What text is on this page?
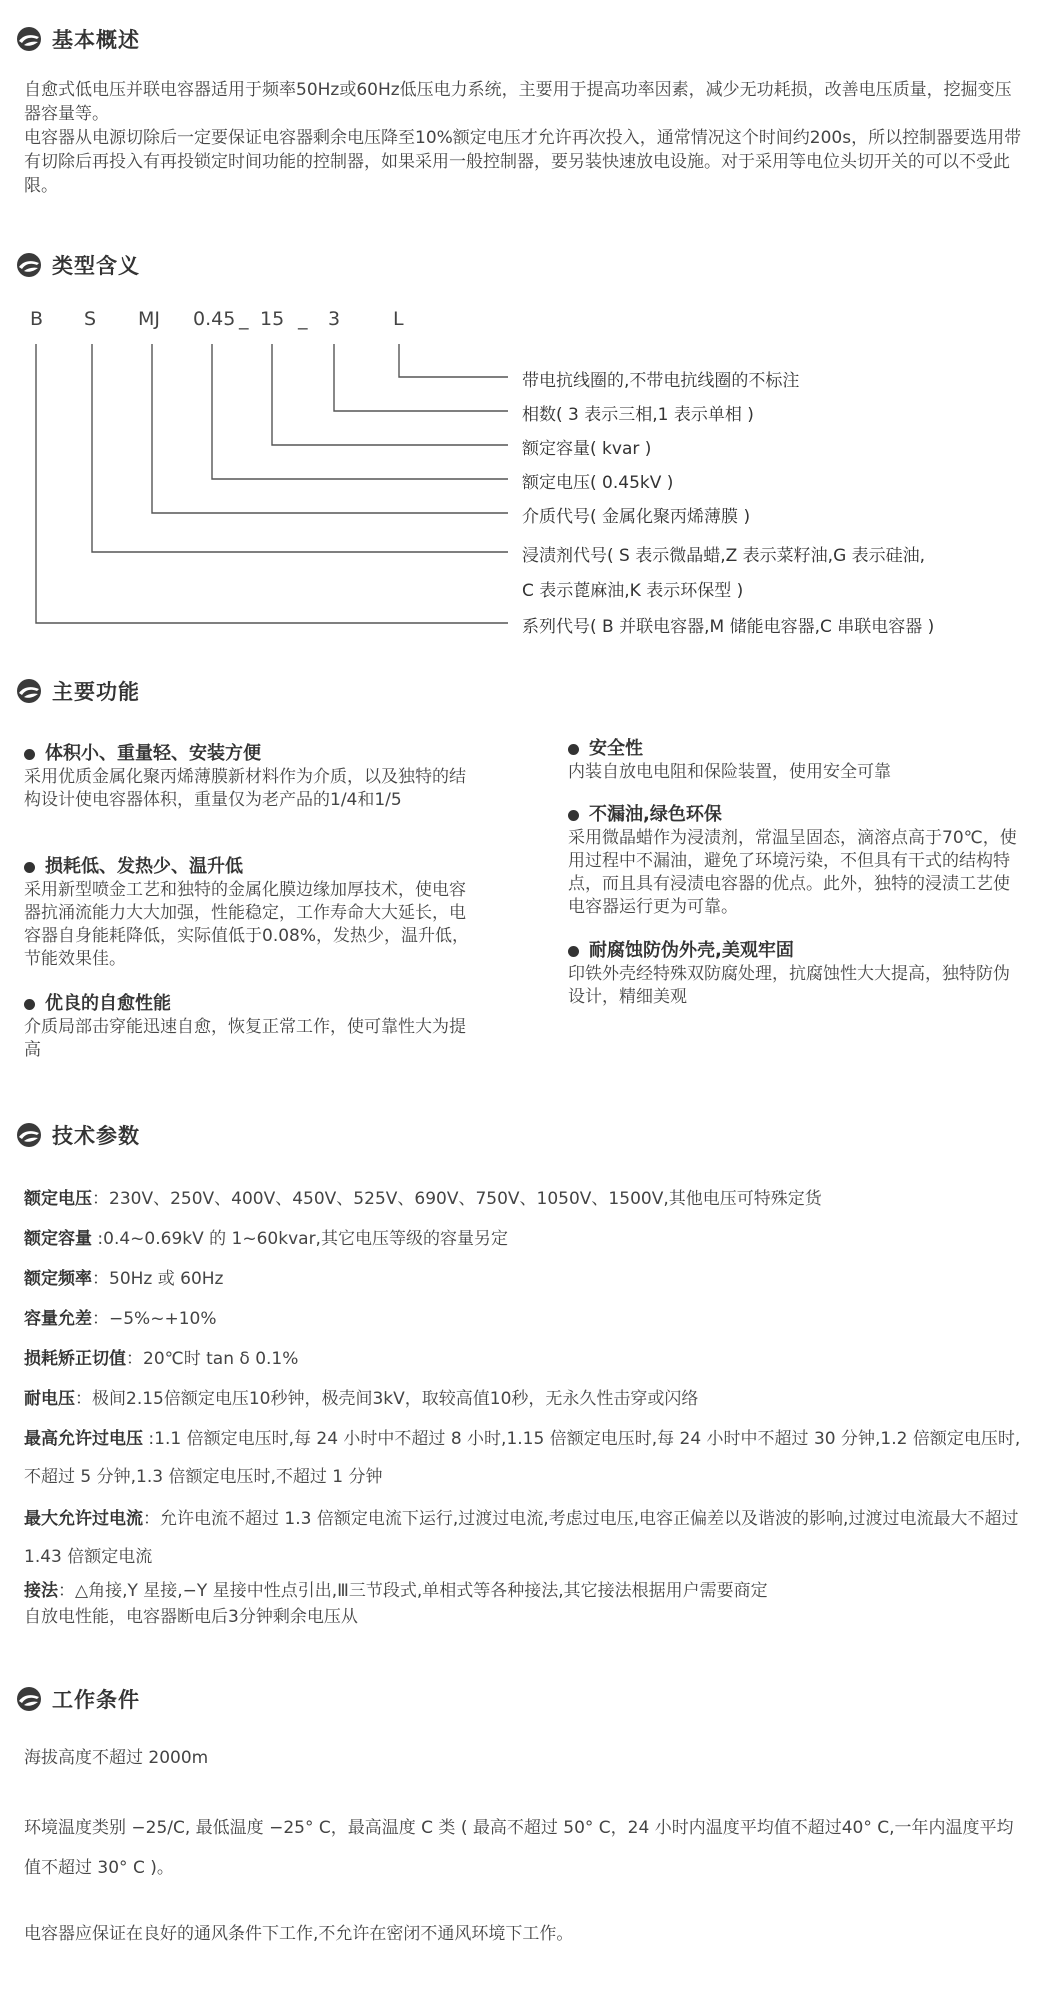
基本概述
自愈式低电压并联电容器适用于频率50Hz或60Hz低压电力系统，主要用于提高功率因素，减少无功耗损，改善电压质量，挖掘变压器容量等。
电容器从电源切除后一定要保证电容器剩余电压降至10%额定电压才允许再次投入，通常情况这个时间约200s，所以控制器要选用带有切除后再投入有再投锁定时间功能的控制器，如果采用一般控制器，要另装快速放电设施。对于采用等电位头切开关的可以不受此限。
类型含义
B S MJ 0.45 _ 15 _ 3	L
带电抗线圈的,不带电抗线圈的不标注
相数( 3 表示三相,1 表示单相 )
额定容量( kvar )
额定电压( 0.45kV )
介质代号( 金属化聚丙烯薄膜 )
浸渍剂代号( S 表示微晶蜡,Z 表示菜籽油,G 表示硅油,
C 表示蓖麻油,K 表示环保型 )
系列代号( B 并联电容器,M 储能电容器,C 串联电容器 )
主要功能
体积小、重量轻、安装方便
采用优质金属化聚丙烯薄膜新材料作为介质，以及独特的结构设计使电容器体积，重量仅为老产品的1/4和1/5
损耗低、发热少、温升低
采用新型喷金工艺和独特的金属化膜边缘加厚技术，使电容器抗涌流能力大大加强，性能稳定，工作寿命大大延长，电容器自身能耗降低，实际值低于0.08%，发热少，温升低，节能效果佳。
优良的自愈性能
介质局部击穿能迅速自愈，恢复正常工作，使可靠性大为提高
安全性
内装自放电电阻和保险装置，使用安全可靠
不漏油,绿色环保
采用微晶蜡作为浸渍剂，常温呈固态，滴溶点高于70℃，使用过程中不漏油，避免了环境污染，不但具有干式的结构特点，而且具有浸渍电容器的优点。此外，独特的浸渍工艺使电容器运行更为可靠。
耐腐蚀防伪外壳,美观牢固
印铁外壳经特殊双防腐处理，抗腐蚀性大大提高，独特防伪设计，精细美观
技术参数
额定电压：230V、250V、400V、450V、525V、690V、750V、1050V、1500V,其他电压可特殊定货
额定容量 :0.4~0.69kV 的 1~60kvar,其它电压等级的容量另定
额定频率：50Hz 或 60Hz
容量允差：−5%~+10%
损耗矫正切值：20℃时 tan δ 0.1%
耐电压：极间2.15倍额定电压10秒钟，极壳间3kV，取较高值10秒，无永久性击穿或闪络
最高允许过电压 :1.1 倍额定电压时,每 24 小时中不超过 8 小时,1.15 倍额定电压时,每 24 小时中不超过 30 分钟,1.2 倍额定电压时,不超过 5 分钟,1.3 倍额定电压时,不超过 1 分钟
最大允许过电流：允许电流不超过 1.3 倍额定电流下运行,过渡过电流,考虑过电压,电容正偏差以及谐波的影响,过渡过电流最大不超过 1.43 倍额定电流
接法：△角接,Y 星接,−Y 星接中性点引出,Ⅲ三节段式,单相式等各种接法,其它接法根据用户需要商定
自放电性能，电容器断电后3分钟剩余电压从
工作条件
海拔高度不超过 2000m
环境温度类别 −25/C, 最低温度 −25° C，最高温度 C 类 ( 最高不超过 50° C，24 小时内温度平均值不超过40° C,一年内温度平均值不超过 30° C )。
电容器应保证在良好的通风条件下工作,不允许在密闭不通风环境下工作。
